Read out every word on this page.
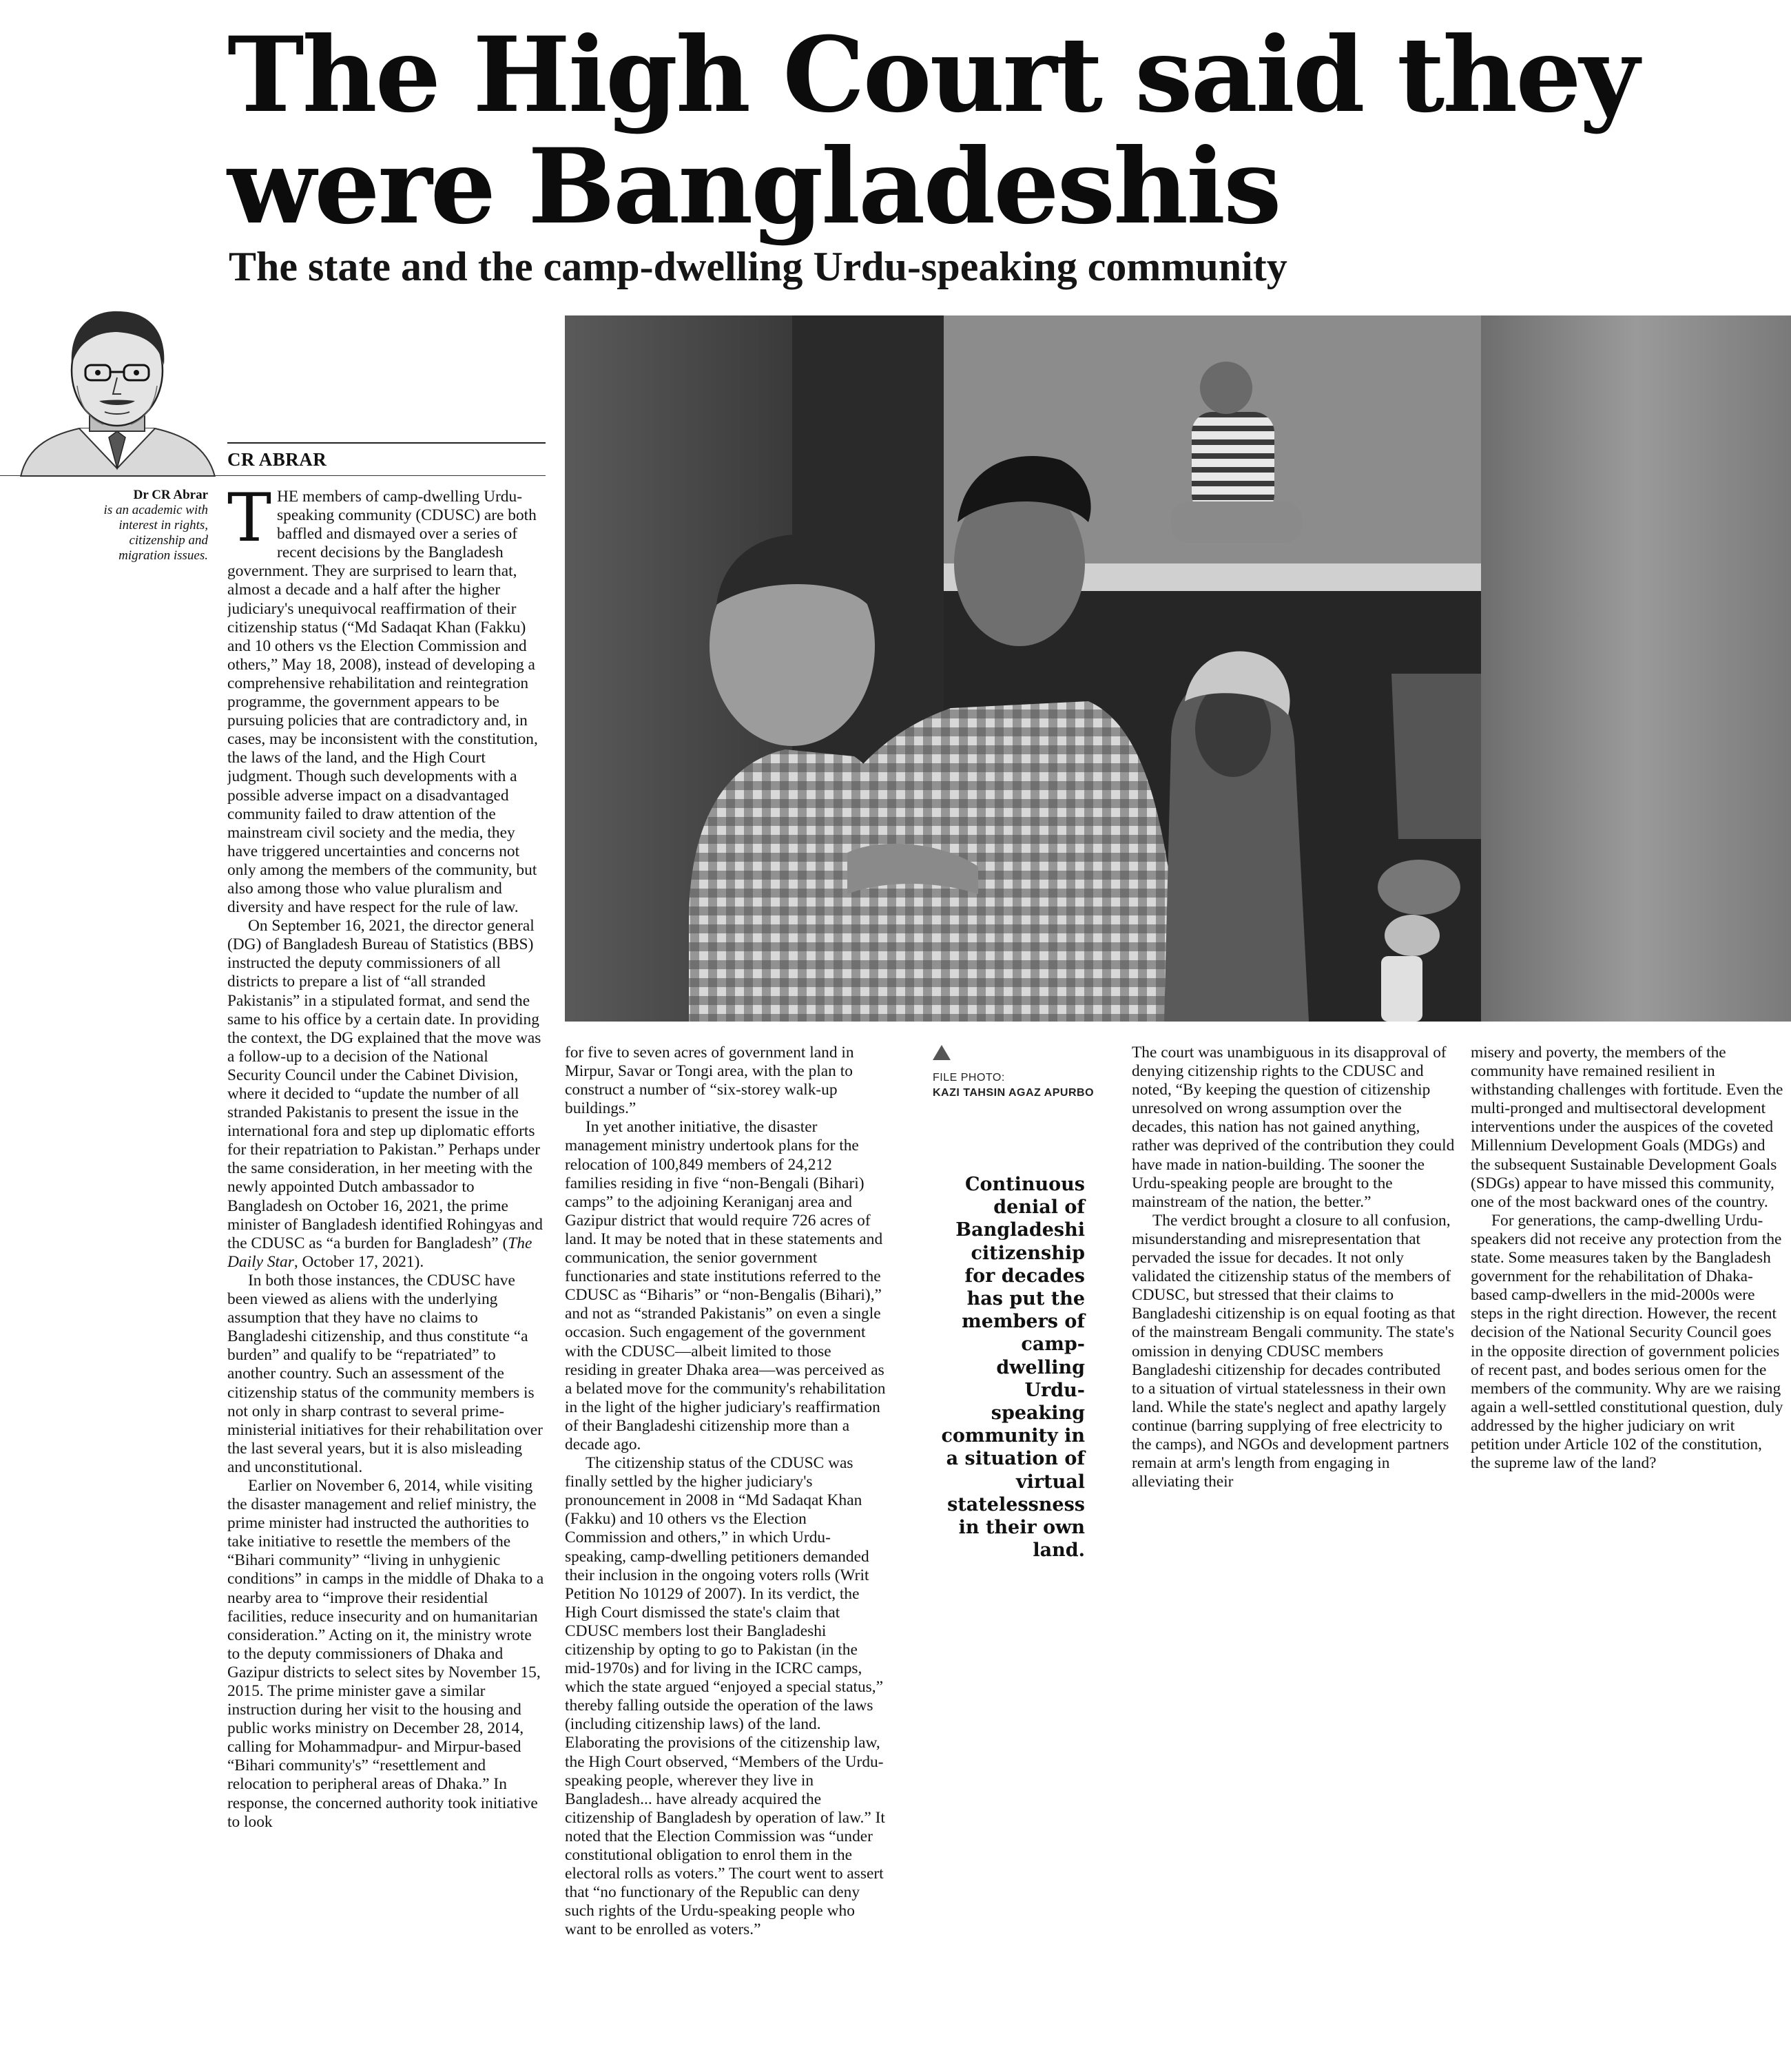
The High Court said they were Bangladeshis
The state and the camp-dwelling Urdu-speaking community
CR ABRAR
Dr CR Abrar
is an academic with interest in rights, citizenship and migration issues. THE members of camp-dwelling Urdu-speaking community (CDUSC) are both baffled and dismayed over a series of recent decisions by the Bangladesh government. They are surprised to learn that, almost a decade and a half after the higher judiciary's unequivocal reaffirmation of their citizenship status (“Md Sadaqat Khan (Fakku) and 10 others vs the Election Commission and others,” May 18, 2008), instead of developing a comprehensive rehabilitation and reintegration programme, the government appears to be pursuing policies that are contradictory and, in cases, may be inconsistent with the constitution, the laws of the land, and the High Court judgment. Though such developments with a possible adverse impact on a disadvantaged community failed to draw attention of the mainstream civil society and the media, they have triggered uncertainties and concerns not only among the members of the community, but also among those who value pluralism and diversity and have respect for the rule of law.

On September 16, 2021, the director general (DG) of Bangladesh Bureau of Statistics (BBS) instructed the deputy commissioners of all districts to prepare a list of “all stranded Pakistanis” in a stipulated format, and send the same to his office by a certain date. In providing the context, the DG explained that the move was a follow-up to a decision of the National Security Council under the Cabinet Division, where it decided to “update the number of all stranded Pakistanis to present the issue in the international fora and step up diplomatic efforts for their repatriation to Pakistan.” Perhaps under the same consideration, in her meeting with the newly appointed Dutch ambassador to Bangladesh on October 16, 2021, the prime minister of Bangladesh identified Rohingyas and the CDUSC as “a burden for Bangladesh” (The Daily Star, October 17, 2021).

In both those instances, the CDUSC have been viewed as aliens with the underlying assumption that they have no claims to Bangladeshi citizenship, and thus constitute “a burden” and qualify to be “repatriated” to another country. Such an assessment of the citizenship status of the community members is not only in sharp contrast to several prime-ministerial initiatives for their rehabilitation over the last several years, but it is also misleading and unconstitutional.

Earlier on November 6, 2014, while visiting the disaster management and relief ministry, the prime minister had instructed the authorities to take initiative to resettle the members of the “Bihari community” “living in unhygienic conditions” in camps in the middle of Dhaka to a nearby area to “improve their residential facilities, reduce insecurity and on humanitarian consideration.” Acting on it, the ministry wrote to the deputy commissioners of Dhaka and Gazipur districts to select sites by November 15, 2015. The prime minister gave a similar instruction during her visit to the housing and public works ministry on December 28, 2014, calling for Mohammadpur- and Mirpur-based “Bihari community's” “resettlement and relocation to peripheral areas of Dhaka.” In response, the concerned authority took initiative to look

FILE PHOTO:
KAZI TAHSIN AGAZ APURBO
Continuous denial of Bangladeshi citizenship for decades has put the members of camp-dwelling Urdu-speaking community in a situation of virtual statelessness in their own land.

for five to seven acres of government land in Mirpur, Savar or Tongi area, with the plan to construct a number of “six-storey walk-up buildings.”

In yet another initiative, the disaster management ministry undertook plans for the relocation of 100,849 members of 24,212 families residing in five “non-Bengali (Bihari) camps” to the adjoining Keraniganj area and Gazipur district that would require 726 acres of land. It may be noted that in these statements and communication, the senior government functionaries and state institutions referred to the CDUSC as “Biharis” or “non-Bengalis (Bihari),” and not as “stranded Pakistanis” on even a single occasion. Such engagement of the government with the CDUSC—albeit limited to those residing in greater Dhaka area—was perceived as a belated move for the community's rehabilitation in the light of the higher judiciary's reaffirmation of their Bangladeshi citizenship more than a decade ago.

The citizenship status of the CDUSC was finally settled by the higher judiciary's pronouncement in 2008 in “Md Sadaqat Khan (Fakku) and 10 others vs the Election Commission and others,” in which Urdu-speaking, camp-dwelling petitioners demanded their inclusion in the ongoing voters rolls (Writ Petition No 10129 of 2007). In its verdict, the High Court dismissed the state's claim that CDUSC members lost their Bangladeshi citizenship by opting to go to Pakistan (in the mid-1970s) and for living in the ICRC camps, which the state argued “enjoyed a special status,” thereby falling outside the operation of the laws (including citizenship laws) of the land. Elaborating the provisions of the citizenship law, the High Court observed, “Members of the Urdu-speaking people, wherever they live in Bangladesh... have already acquired the citizenship of Bangladesh by operation of law.” It noted that the Election Commission was “under constitutional obligation to enrol them in the electoral rolls as voters.” The court went to assert that “no functionary of the Republic can deny such rights of the Urdu-speaking people who want to be enrolled as voters.”

The court was unambiguous in its disapproval of denying citizenship rights to the CDUSC and noted, “By keeping the question of citizenship unresolved on wrong assumption over the decades, this nation has not gained anything, rather was deprived of the contribution they could have made in nation-building. The sooner the Urdu-speaking people are brought to the mainstream of the nation, the better.”

The verdict brought a closure to all confusion, misunderstanding and misrepresentation that pervaded the issue for decades. It not only validated the citizenship status of the members of CDUSC, but stressed that their claims to Bangladeshi citizenship is on equal footing as that of the mainstream Bengali community. The state's omission in denying CDUSC members Bangladeshi citizenship for decades contributed to a situation of virtual statelessness in their own land. While the state's neglect and apathy largely continue (barring supplying of free electricity to the camps), and NGOs and development partners remain at arm's length from engaging in alleviating their

misery and poverty, the members of the community have remained resilient in withstanding challenges with fortitude. Even the multi-pronged and multisectoral development interventions under the auspices of the coveted Millennium Development Goals (MDGs) and the subsequent Sustainable Development Goals (SDGs) appear to have missed this community, one of the most backward ones of the country.

For generations, the camp-dwelling Urdu-speakers did not receive any protection from the state. Some measures taken by the Bangladesh government for the rehabilitation of Dhaka-based camp-dwellers in the mid-2000s were steps in the right direction. However, the recent decision of the National Security Council goes in the opposite direction of government policies of recent past, and bodes serious omen for the members of the community. Why are we raising again a well-settled constitutional question, duly addressed by the higher judiciary on writ petition under Article 102 of the constitution, the supreme law of the land?
